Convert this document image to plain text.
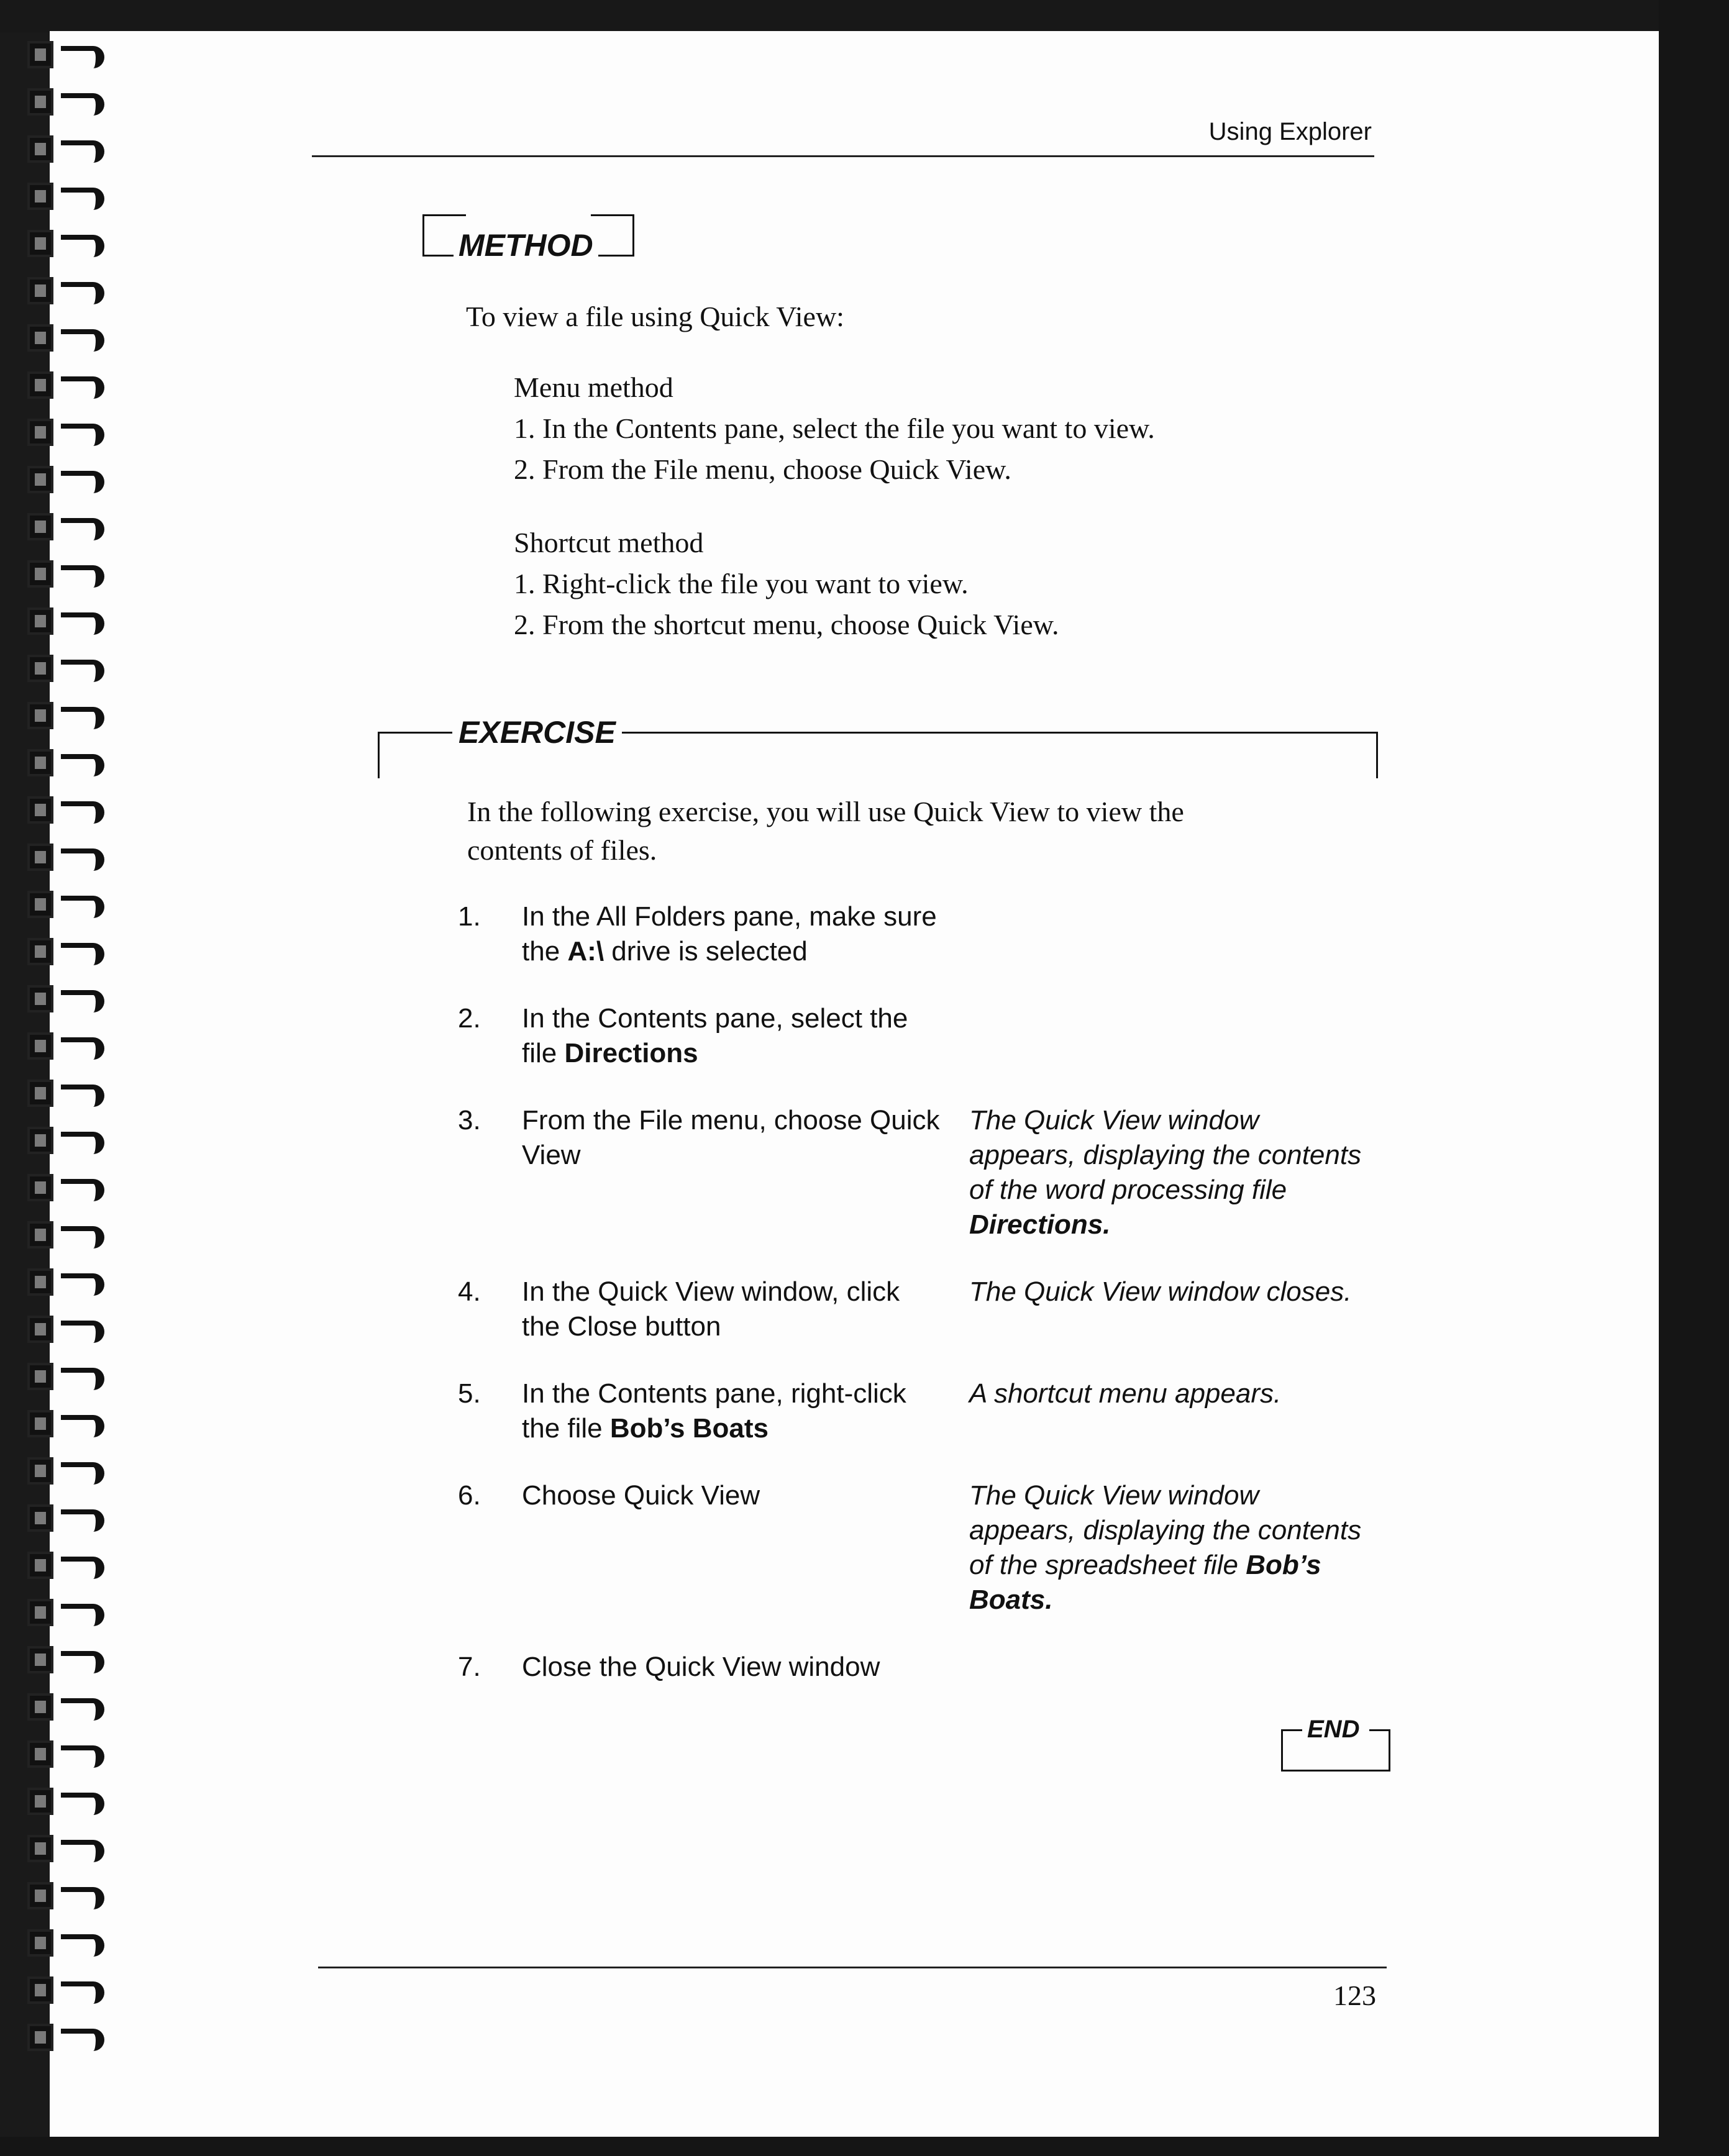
Using Explorer
METHOD
To view a file using Quick View:
Menu method
1. In the Contents pane, select the file you want to view.
2. From the File menu, choose Quick View.
Shortcut method
1. Right-click the file you want to view.
2. From the shortcut menu, choose Quick View.
EXERCISE
In the following exercise, you will use Quick View to view the
contents of files.
1. In the All Folders pane, make sure the A:\ drive is selected
2. In the Contents pane, select the file Directions
3. From the File menu, choose Quick View
The Quick View window appears, displaying the contents of the word processing file Directions.
4. In the Quick View window, click the Close button
The Quick View window closes.
5. In the Contents pane, right-click the file Bob’s Boats
A shortcut menu appears.
6. Choose Quick View	The Quick View window appears, displaying the contents of the spreadsheet file Bob’s Boats.
7. Close the Quick View window
END
123
